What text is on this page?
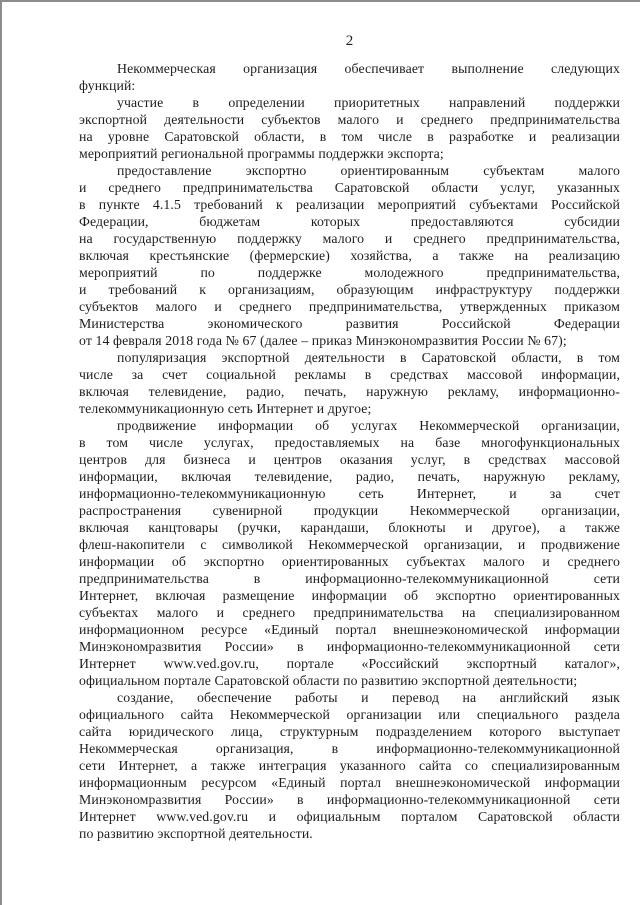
2
Некоммерческая организация обеспечивает выполнение следующих
функций:
участие в определении приоритетных направлений поддержки
экспортной деятельности субъектов малого и среднего предпринимательства
на уровне Саратовской области, в том числе в разработке и реализации
мероприятий региональной программы поддержки экспорта;
предоставление экспортно ориентированным субъектам малого
и среднего предпринимательства Саратовской области услуг, указанных
в пункте 4.1.5 требований к реализации мероприятий субъектами Российской
Федерации, бюджетам которых предоставляются субсидии
на государственную поддержку малого и среднего предпринимательства,
включая крестьянские (фермерские) хозяйства, а также на реализацию
мероприятий по поддержке молодежного предпринимательства,
и требований к организациям, образующим инфраструктуру поддержки
субъектов малого и среднего предпринимательства, утвержденных приказом
Министерства экономического развития Российской Федерации
от 14 февраля 2018 года № 67 (далее – приказ Минэкономразвития России № 67);
популяризация экспортной деятельности в Саратовской области, в том
числе за счет социальной рекламы в средствах массовой информации,
включая телевидение, радио, печать, наружную рекламу, информационно-
телекоммуникационную сеть Интернет и другое;
продвижение информации об услугах Некоммерческой организации,
в том числе услугах, предоставляемых на базе многофункциональных
центров для бизнеса и центров оказания услуг, в средствах массовой
информации, включая телевидение, радио, печать, наружную рекламу,
информационно-телекоммуникационную сеть Интернет, и за счет
распространения сувенирной продукции Некоммерческой организации,
включая канцтовары (ручки, карандаши, блокноты и другое), а также
флеш-накопители с символикой Некоммерческой организации, и продвижение
информации об экспортно ориентированных субъектах малого и среднего
предпринимательства в информационно-телекоммуникационной сети
Интернет, включая размещение информации об экспортно ориентированных
субъектах малого и среднего предпринимательства на специализированном
информационном ресурсе «Единый портал внешнеэкономической информации
Минэкономразвития России» в информационно-телекоммуникационной сети
Интернет www.ved.gov.ru, портале «Российский экспортный каталог»,
официальном портале Саратовской области по развитию экспортной деятельности;
создание, обеспечение работы и перевод на английский язык
официального сайта Некоммерческой организации или специального раздела
сайта юридического лица, структурным подразделением которого выступает
Некоммерческая организация, в информационно-телекоммуникационной
сети Интернет, а также интеграция указанного сайта со специализированным
информационным ресурсом «Единый портал внешнеэкономической информации
Минэкономразвития России» в информационно-телекоммуникационной сети
Интернет www.ved.gov.ru и официальным порталом Саратовской области
по развитию экспортной деятельности.
